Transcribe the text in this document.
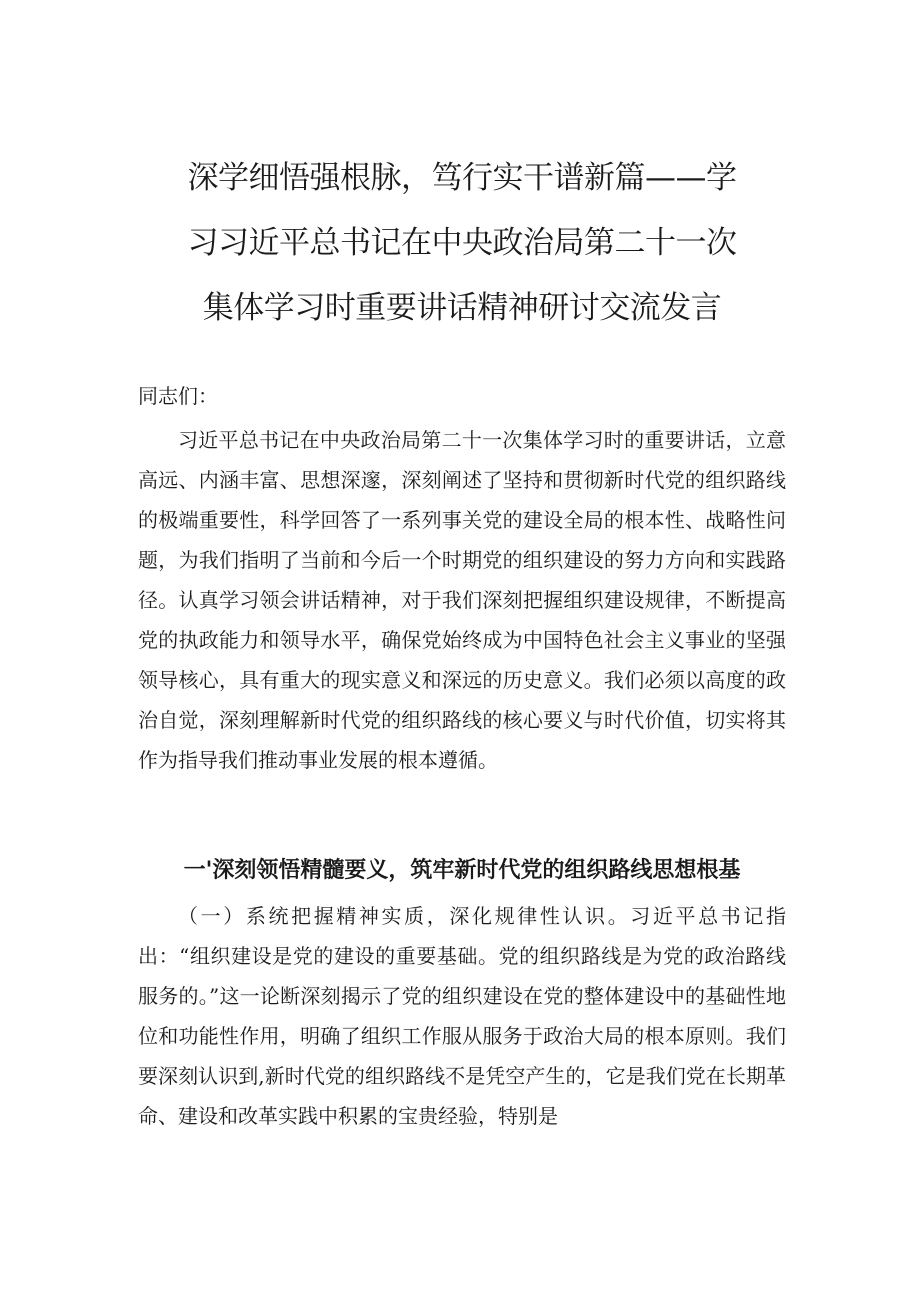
深学细悟强根脉，笃行实干谱新篇——学
习习近平总书记在中央政治局第二十一次
集体学习时重要讲话精神研讨交流发言

同志们：

习近平总书记在中央政治局第二十一次集体学习时的重要讲话，立意高远、内涵丰富、思想深邃，深刻阐述了坚持和贯彻新时代党的组织路线的极端重要性，科学回答了一系列事关党的建设全局的根本性、战略性问题，为我们指明了当前和今后一个时期党的组织建设的努力方向和实践路径。认真学习领会讲话精神，对于我们深刻把握组织建设规律，不断提高党的执政能力和领导水平，确保党始终成为中国特色社会主义事业的坚强领导核心，具有重大的现实意义和深远的历史意义。我们必须以高度的政治自觉，深刻理解新时代党的组织路线的核心要义与时代价值，切实将其作为指导我们推动事业发展的根本遵循。

一'深刻领悟精髓要义，筑牢新时代党的组织路线思想根基

（一）系统把握精神实质，深化规律性认识。习近平总书记指出：“组织建设是党的建设的重要基础。党的组织路线是为党的政治路线服务的。”这一论断深刻揭示了党的组织建设在党的整体建设中的基础性地位和功能性作用，明确了组织工作服从服务于政治大局的根本原则。我们要深刻认识到,新时代党的组织路线不是凭空产生的，它是我们党在长期革命、建设和改革实践中积累的宝贵经验，特别是
